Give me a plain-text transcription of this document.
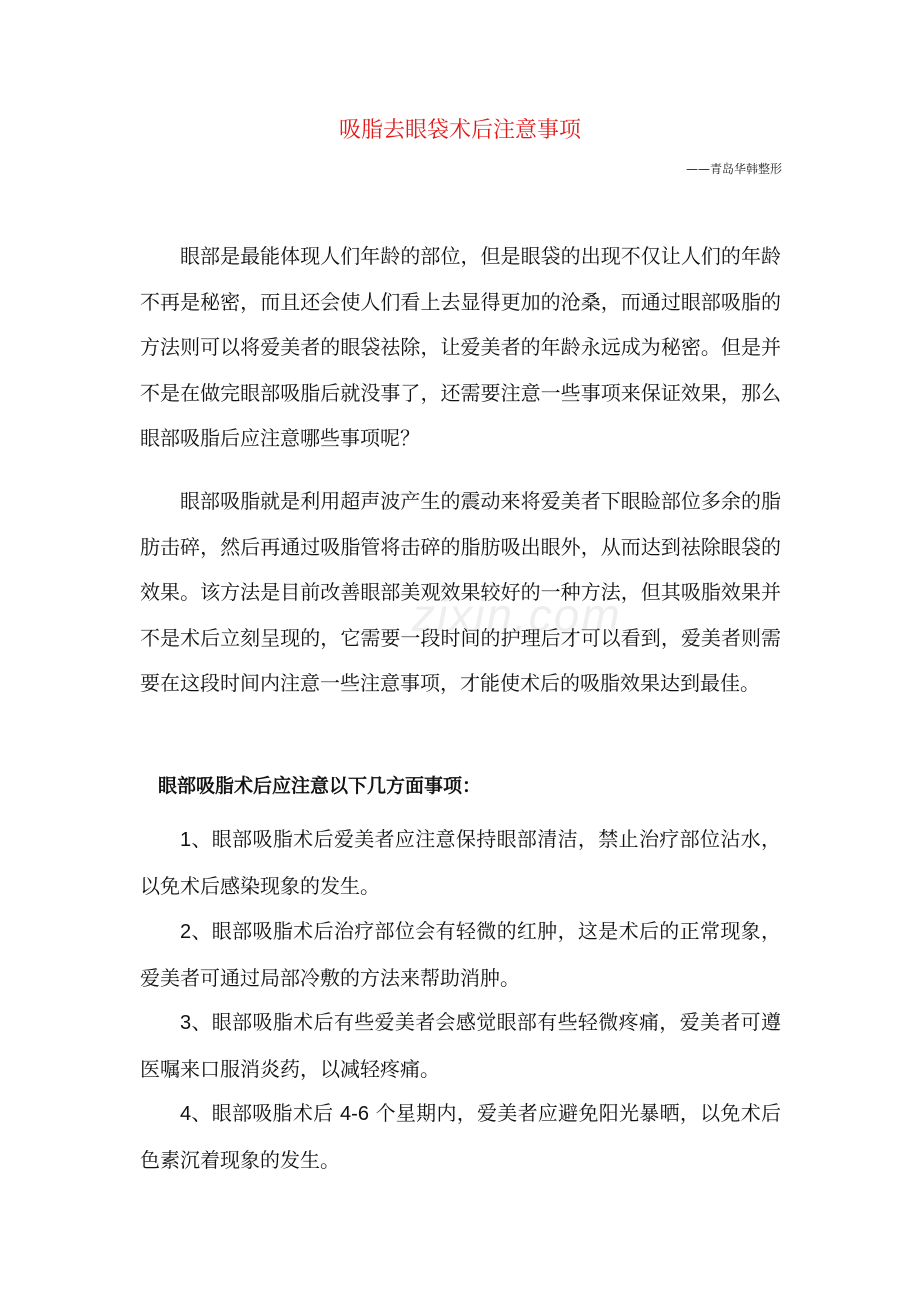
吸脂去眼袋术后注意事项
——青岛华韩整形

眼部是最能体现人们年龄的部位，但是眼袋的出现不仅让人们的年龄不再是秘密，而且还会使人们看上去显得更加的沧桑，而通过眼部吸脂的方法则可以将爱美者的眼袋祛除，让爱美者的年龄永远成为秘密。但是并不是在做完眼部吸脂后就没事了，还需要注意一些事项来保证效果，那么眼部吸脂后应注意哪些事项呢？

眼部吸脂就是利用超声波产生的震动来将爱美者下眼睑部位多余的脂肪击碎，然后再通过吸脂管将击碎的脂肪吸出眼外，从而达到祛除眼袋的效果。该方法是目前改善眼部美观效果较好的一种方法，但其吸脂效果并不是术后立刻呈现的，它需要一段时间的护理后才可以看到，爱美者则需要在这段时间内注意一些注意事项，才能使术后的吸脂效果达到最佳。

眼部吸脂术后应注意以下几方面事项：

1、眼部吸脂术后爱美者应注意保持眼部清洁，禁止治疗部位沾水，以免术后感染现象的发生。

2、眼部吸脂术后治疗部位会有轻微的红肿，这是术后的正常现象，爱美者可通过局部冷敷的方法来帮助消肿。

3、眼部吸脂术后有些爱美者会感觉眼部有些轻微疼痛，爱美者可遵医嘱来口服消炎药，以减轻疼痛。

4、眼部吸脂术后 4-6 个星期内，爱美者应避免阳光暴晒，以免术后色素沉着现象的发生。

zixin.com
